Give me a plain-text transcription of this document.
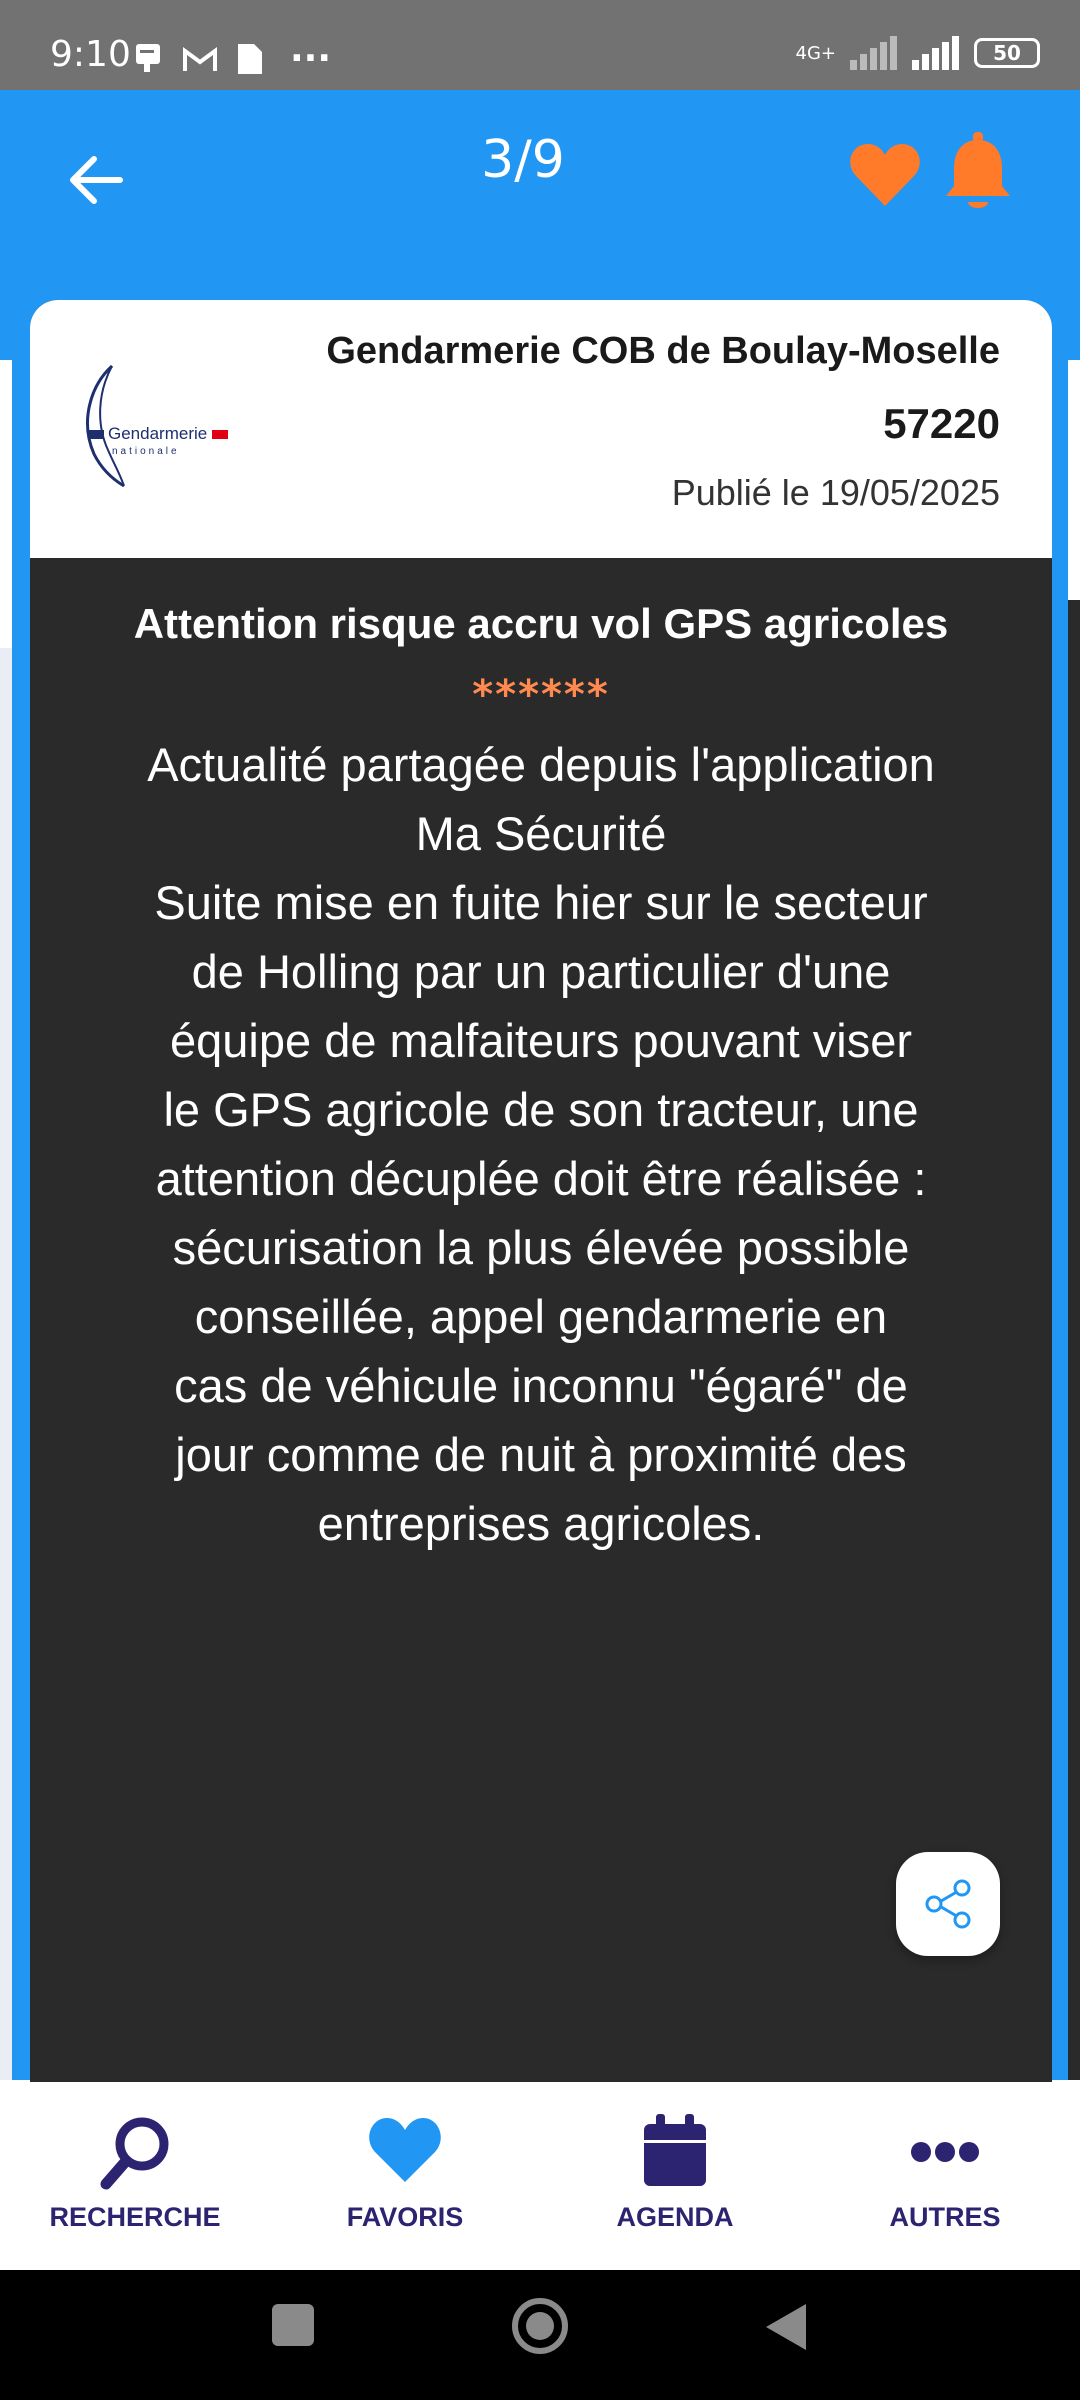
9:10	···	4G+	50
3/9
Gendarmerie
nationale
Gendarmerie COB de Boulay-Moselle
57220
Publié le 19/05/2025
Attention risque accru vol GPS agricoles
******
Actualité partagée depuis l'application
Ma Sécurité
Suite mise en fuite hier sur le secteur
de Holling par un particulier d'une
équipe de malfaiteurs pouvant viser
le GPS agricole de son tracteur, une
attention décuplée doit être réalisée :
sécurisation la plus élevée possible
conseillée, appel gendarmerie en
cas de véhicule inconnu "égaré" de
jour comme de nuit à proximité des
entreprises agricoles.
RECHERCHE	FAVORIS	AGENDA	AUTRES
